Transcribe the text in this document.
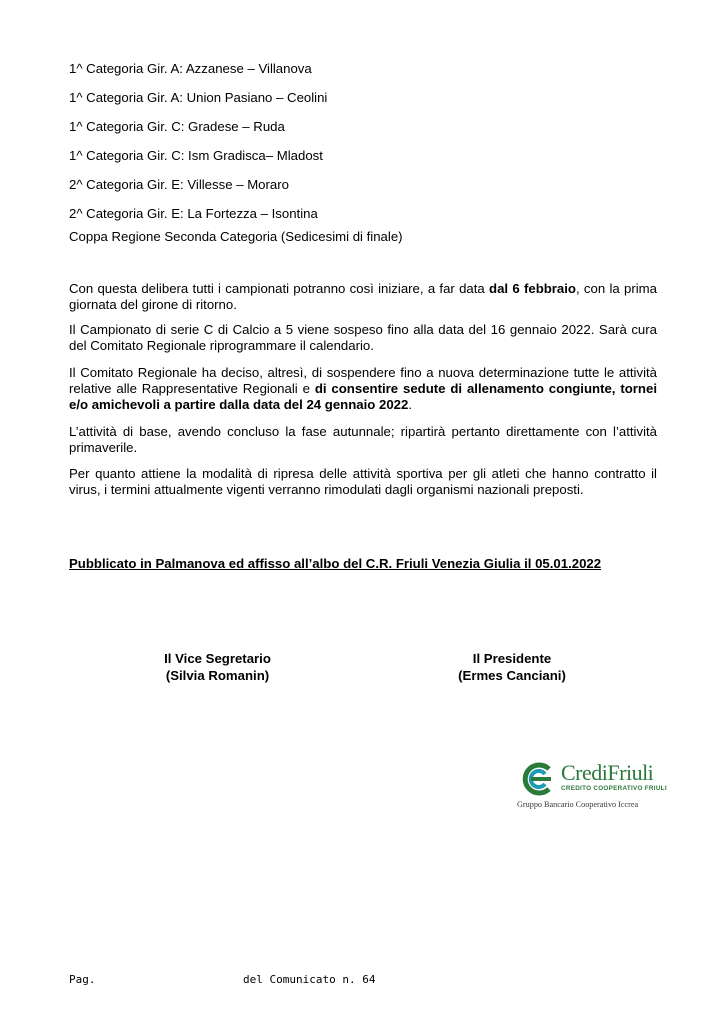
1^ Categoria Gir. A: Azzanese – Villanova
1^ Categoria Gir. A: Union Pasiano – Ceolini
1^ Categoria Gir. C: Gradese – Ruda
1^ Categoria Gir. C: Ism Gradisca– Mladost
2^ Categoria Gir. E: Villesse – Moraro
2^ Categoria Gir. E: La Fortezza – Isontina
Coppa Regione Seconda Categoria (Sedicesimi di finale)

Con questa delibera tutti i campionati potranno così iniziare, a far data dal 6 febbraio, con la prima giornata del girone di ritorno.

Il Campionato di serie C di Calcio a 5 viene sospeso fino alla data del 16 gennaio 2022. Sarà cura del Comitato Regionale riprogrammare il calendario.

Il Comitato Regionale ha deciso, altresì, di sospendere fino a nuova determinazione tutte le attività relative alle Rappresentative Regionali e di consentire sedute di allenamento congiunte, tornei e/o amichevoli a partire dalla data del 24 gennaio 2022.

L’attività di base, avendo concluso la fase autunnale; ripartirà pertanto direttamente con l’attività primaverile.

Per quanto attiene la modalità di ripresa delle attività sportiva per gli atleti che hanno contratto il virus, i termini attualmente vigenti verranno rimodulati dagli organismi nazionali preposti.

Pubblicato in Palmanova ed affisso all’albo del C.R. Friuli Venezia Giulia il 05.01.2022
Il Vice Segretario
(Silvia Romanin)
Il Presidente
(Ermes Canciani)
CrediFriuli
CREDITO COOPERATIVO FRIULI
Gruppo Bancario Cooperativo Iccrea
Pag.	del Comunicato n. 64
